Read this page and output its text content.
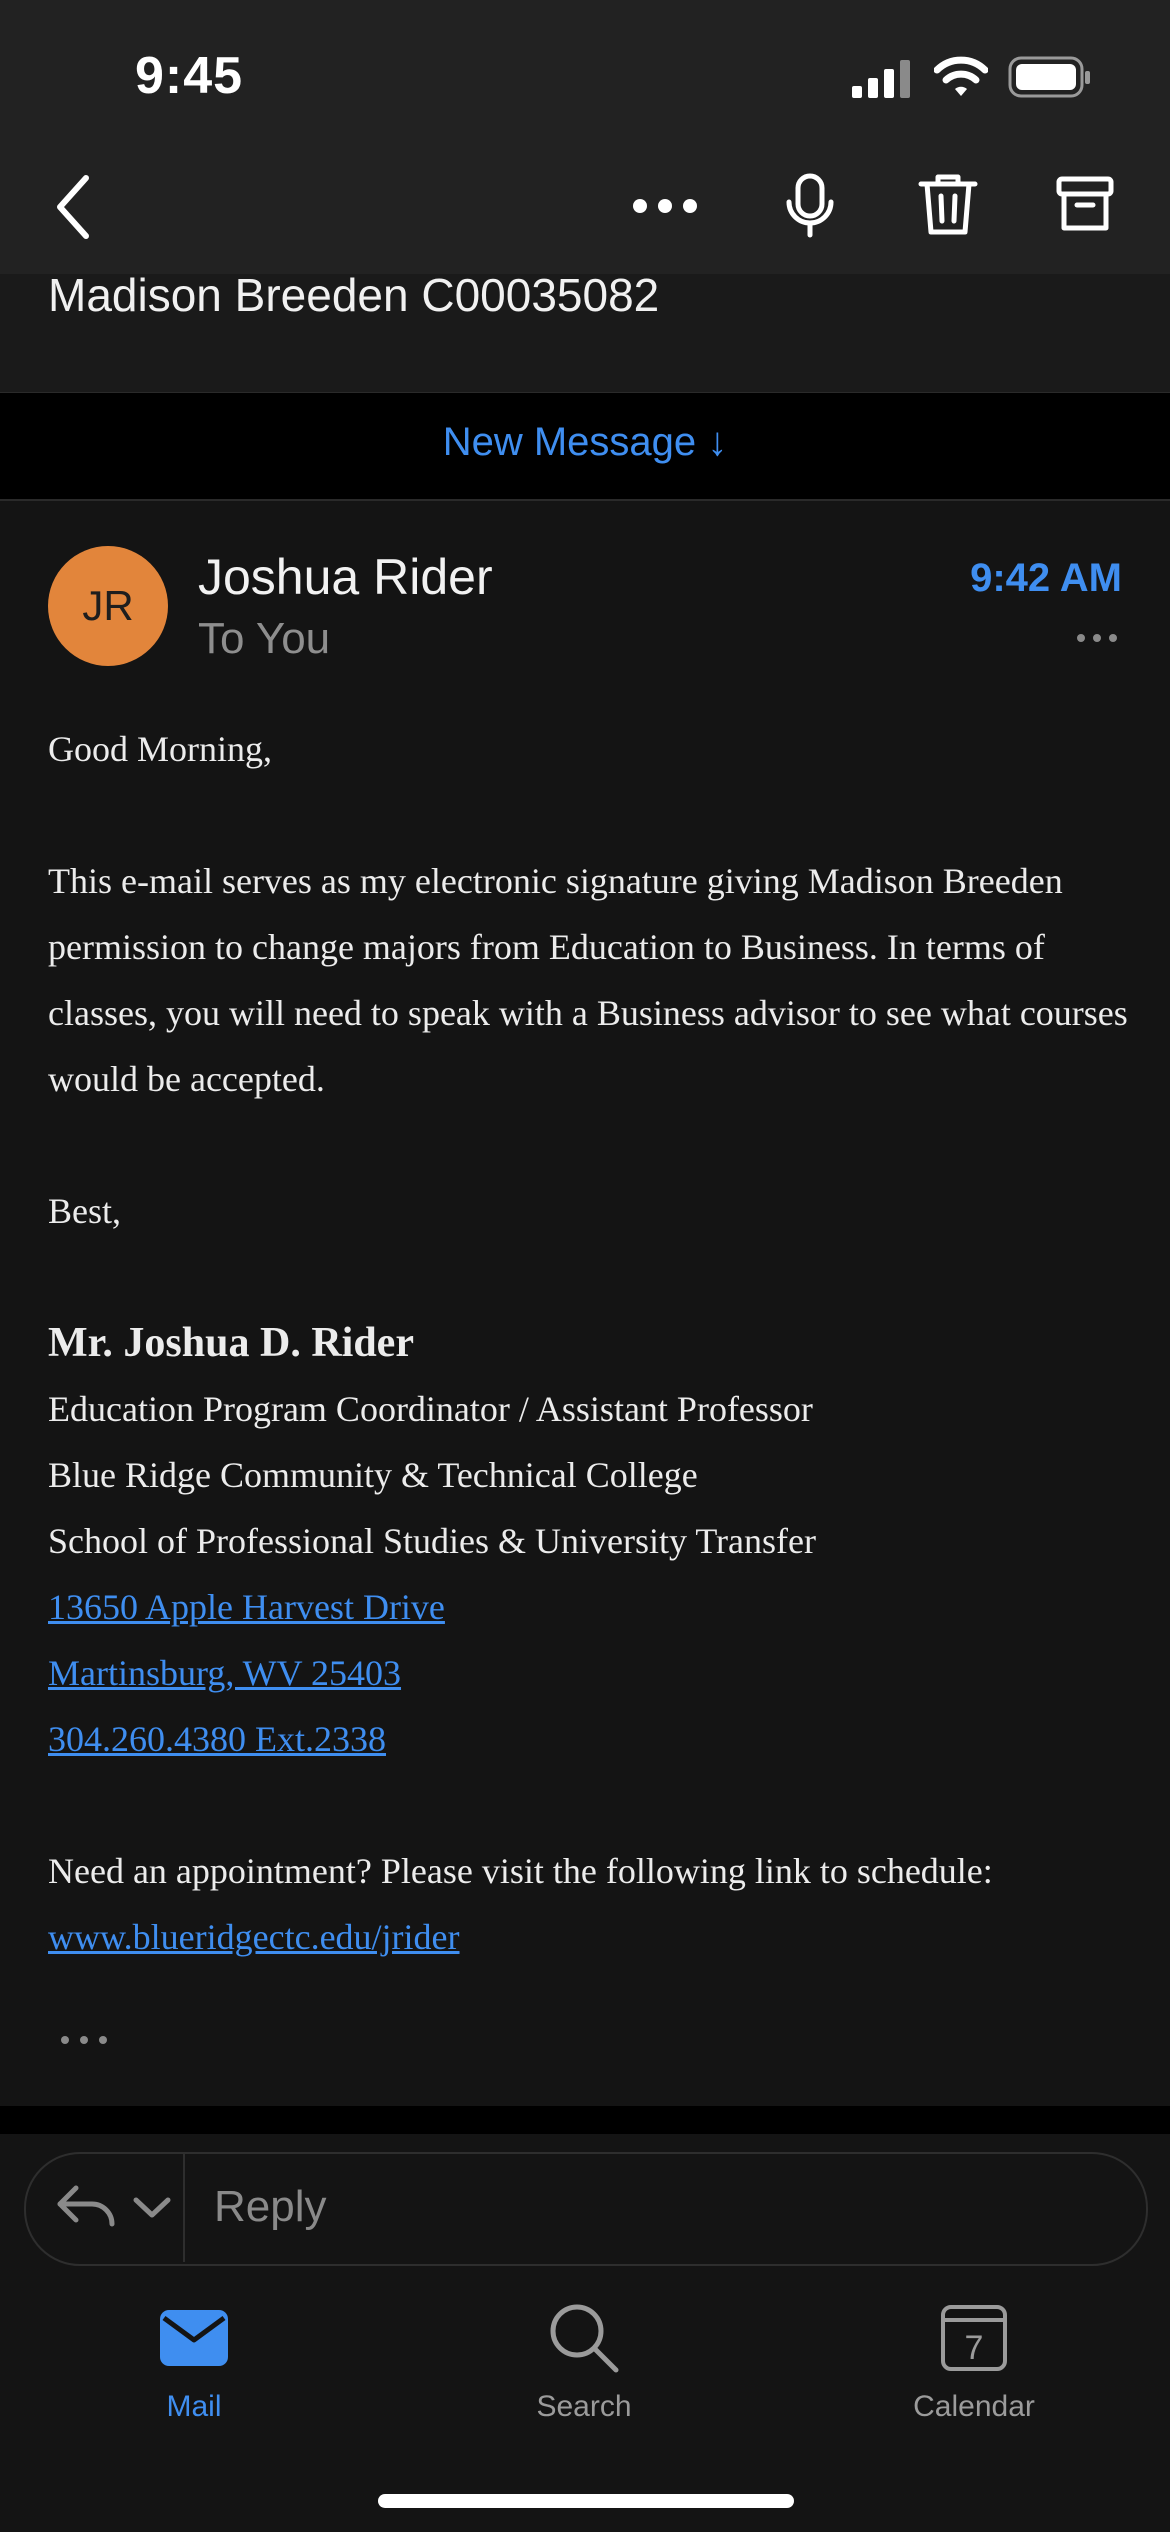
9:45
Madison Breeden C00035082
New Message ↓
JR
Joshua Rider
To You
9:42 AM

Good Morning,

This e-mail serves as my electronic signature giving Madison Breeden permission to change majors from Education to Business. In terms of classes, you will need to speak with a Business advisor to see what courses would be accepted.

Best,

Mr. Joshua D. Rider

Education Program Coordinator / Assistant Professor

Blue Ridge Community & Technical College

School of Professional Studies & University Transfer

13650 Apple Harvest Drive

Martinsburg, WV 25403

304.260.4380 Ext.2338

Need an appointment? Please visit the following link to schedule:

www.blueridgectc.edu/jrider

Reply
Mail	Search
7
Calendar
